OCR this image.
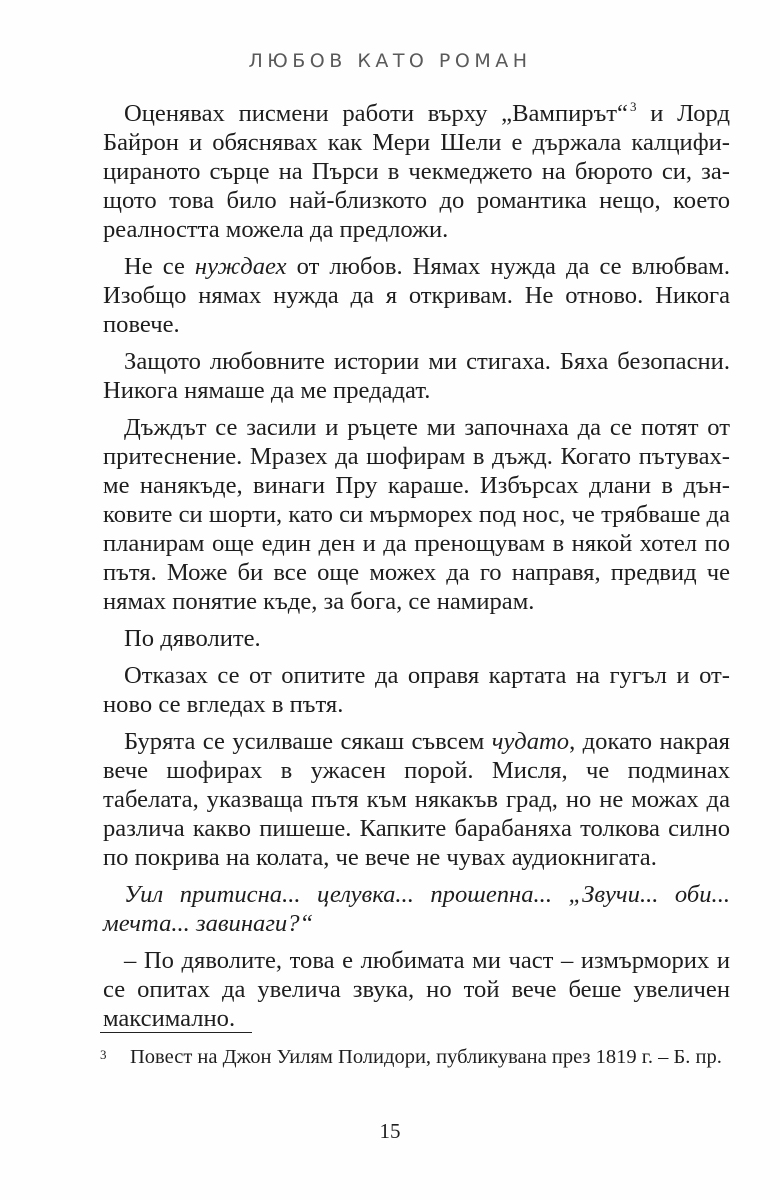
ЛЮБОВ КАТО РОМАН

Оценявах писмени работи върху „Вампирът“ $^3$ и Лорд Байрон и обяснявах как Мери Шели е държала калцифицираното сърце на Пърси в чекмеджето на бюрото си, защото това било най-близкото до романтика нещо, което реалността можела да предложи.

Не се нуждаех от любов. Нямах нужда да се влюбвам. Изобщо нямах нужда да я откривам. Не отново. Никога повече.

Защото любовните истории ми стигаха. Бяха безопасни. Никога нямаше да ме предадат.

Дъждът се засили и ръцете ми започнаха да се потят от притеснение. Мразех да шофирам в дъжд. Когато пътувахме нанякъде, винаги Пру караше. Избърсах длани в дънковите си шорти, като си мърморех под нос, че трябваше да планирам още един ден и да пренощувам в някой хотел по пътя. Може би все още можех да го направя, предвид че нямах понятие къде, за бога, се намирам.

По дяволите.

Отказах се от опитите да оправя картата на гугъл и отново се вгледах в пътя.

Бурята се усилваше сякаш съвсем чудато, докато накрая вече шофирах в ужасен порой. Мисля, че подминах табелата, указваща пътя към някакъв град, но не можах да различа какво пишеше. Капките барабаняха толкова силно по покрива на колата, че вече не чувах аудиокнигата.

Уил притисна... целувка... прошепна... „Звучи... оби... мечта... завинаги?“

– По дяволите, това е любимата ми част – измърморих и се опитах да увелича звука, но той вече беше увеличен максимално.

3 Повест на Джон Уилям Полидори, публикувана през 1819 г. – Б. пр.
15
